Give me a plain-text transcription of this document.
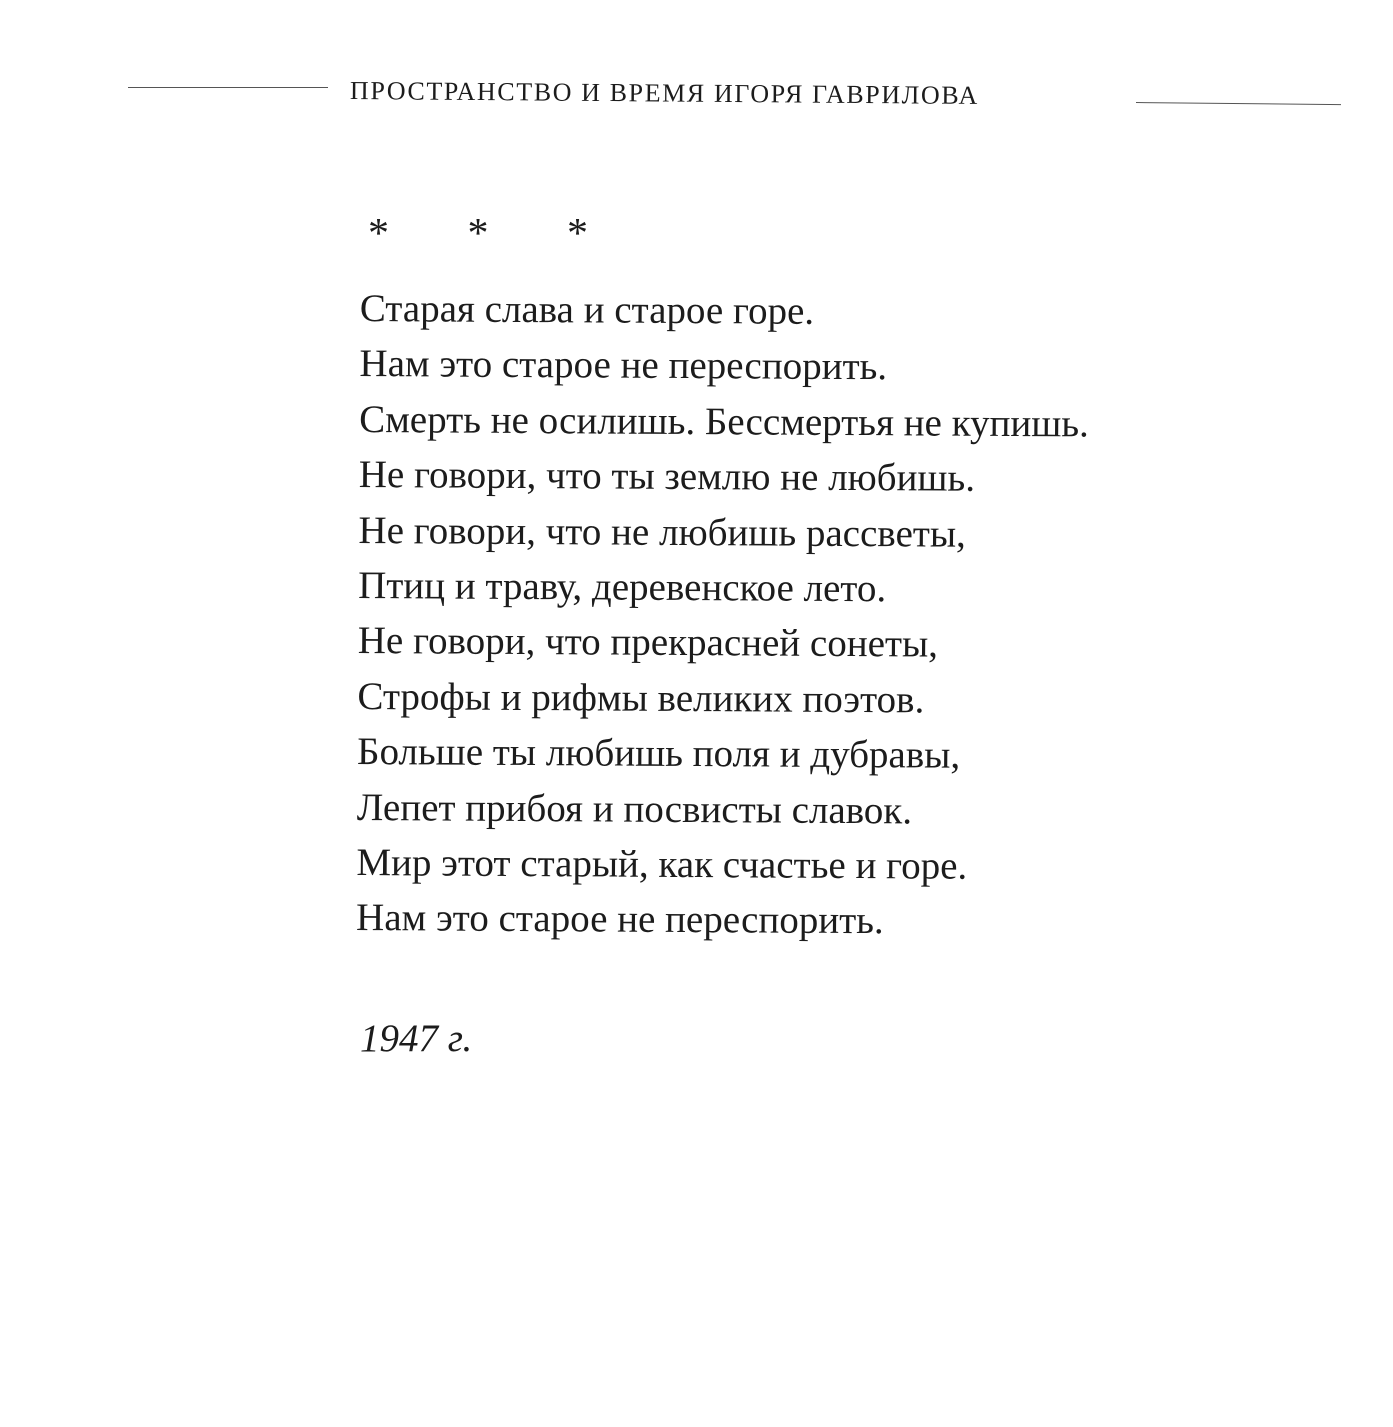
ПРОСТРАНСТВО И ВРЕМЯ ИГОРЯ ГАВРИЛОВА
* * *
Старая слава и старое горе.
Нам это старое не переспорить.
Смерть не осилишь. Бессмертья не купишь.
Не говори, что ты землю не любишь.
Не говори, что не любишь рассветы,
Птиц и траву, деревенское лето.
Не говори, что прекрасней сонеты,
Строфы и рифмы великих поэтов.
Больше ты любишь поля и дубравы,
Лепет прибоя и посвисты славок.
Мир этот старый, как счастье и горе.
Нам это старое не переспорить.
1947 г.
